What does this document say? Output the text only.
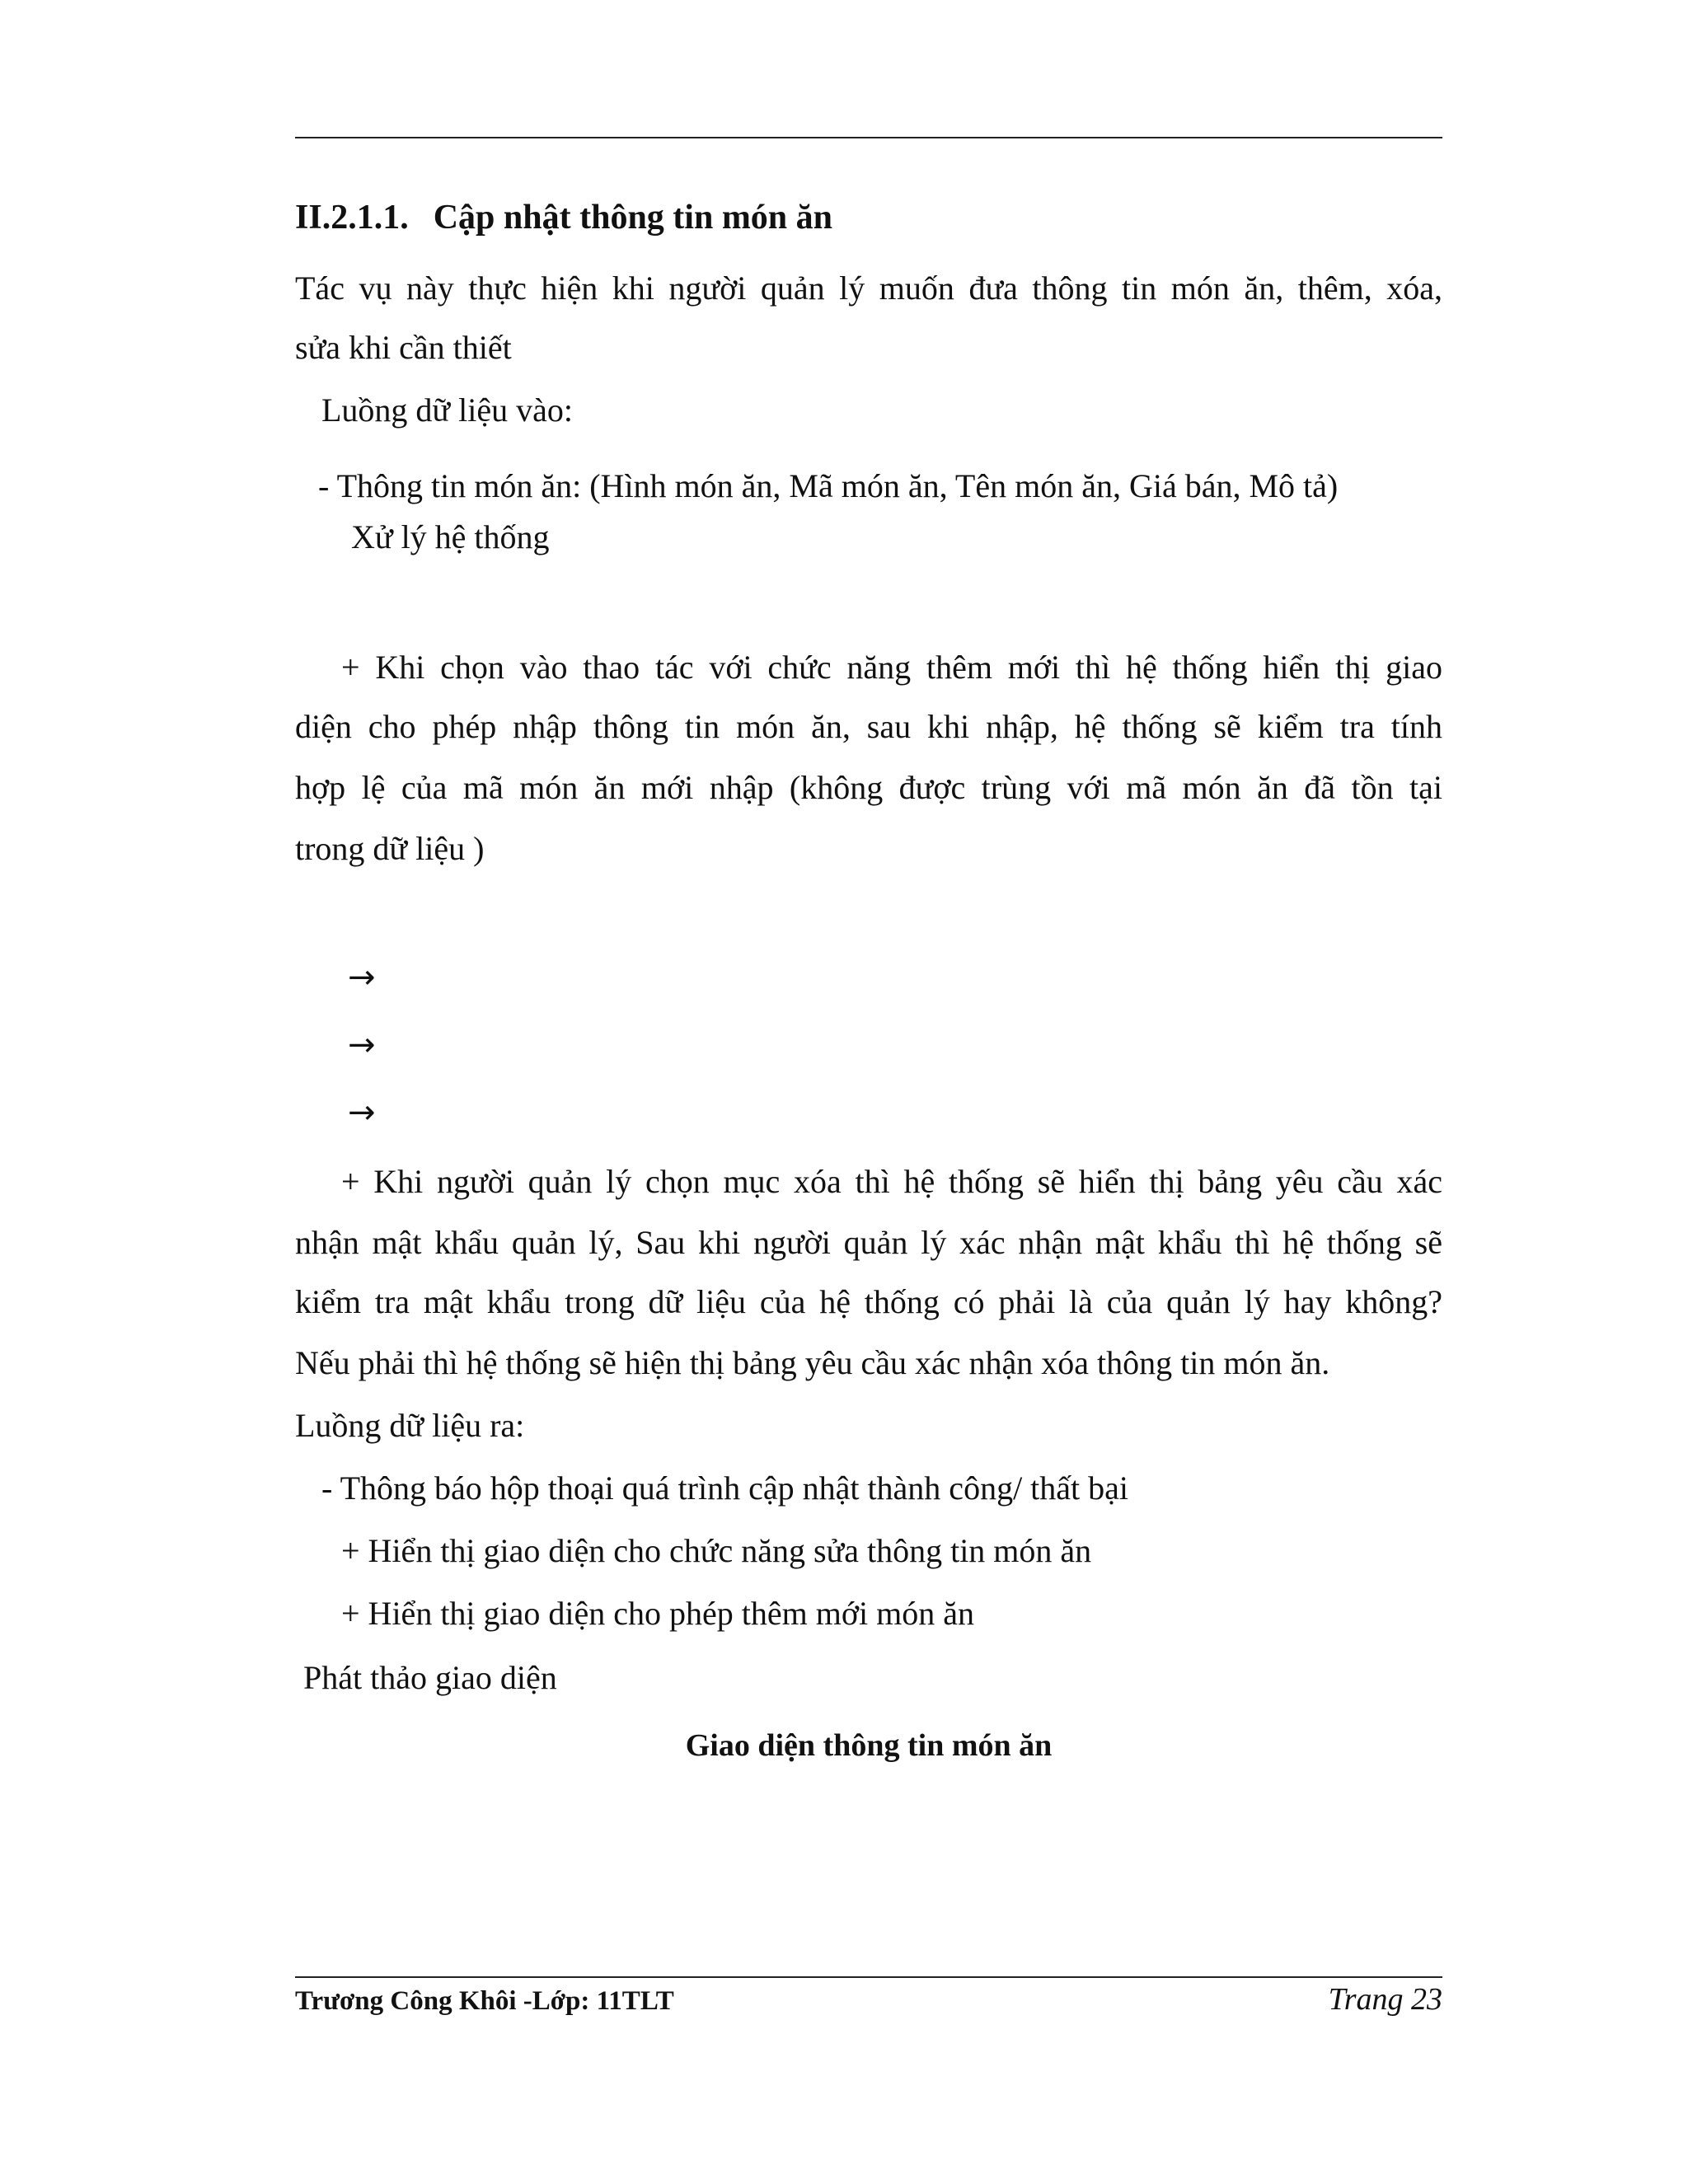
II.2.1.1. Cập nhật thông tin món ăn
Tác vụ này thực hiện khi người quản lý muốn đưa thông tin món ăn, thêm, xóa,
sửa khi cần thiết
Luồng dữ liệu vào:
- Thông tin món ăn: (Hình món ăn, Mã món ăn, Tên món ăn, Giá bán, Mô tả)
Xử lý hệ thống
+ Khi chọn vào thao tác với chức năng thêm mới thì hệ thống hiển thị giao
diện cho phép nhập thông tin món ăn, sau khi nhập, hệ thống sẽ kiểm tra tính
hợp lệ của mã món ăn mới nhập (không được trùng với mã món ăn đã tồn tại
trong dữ liệu )
→
→
→
+ Khi người quản lý chọn mục xóa thì hệ thống sẽ hiển thị bảng yêu cầu xác
nhận mật khẩu quản lý, Sau khi người quản lý xác nhận mật khẩu thì hệ thống sẽ
kiểm tra mật khẩu trong dữ liệu của hệ thống có phải là của quản lý hay không?
Nếu phải thì hệ thống sẽ hiện thị bảng yêu cầu xác nhận xóa thông tin món ăn.
Luồng dữ liệu ra:
- Thông báo hộp thoại quá trình cập nhật thành công/ thất bại
+ Hiển thị giao diện cho chức năng sửa thông tin món ăn
+ Hiển thị giao diện cho phép thêm mới món ăn
Phát thảo giao diện
Giao diện thông tin món ăn
Trương Công Khôi -Lớp: 11TLT	Trang 23
